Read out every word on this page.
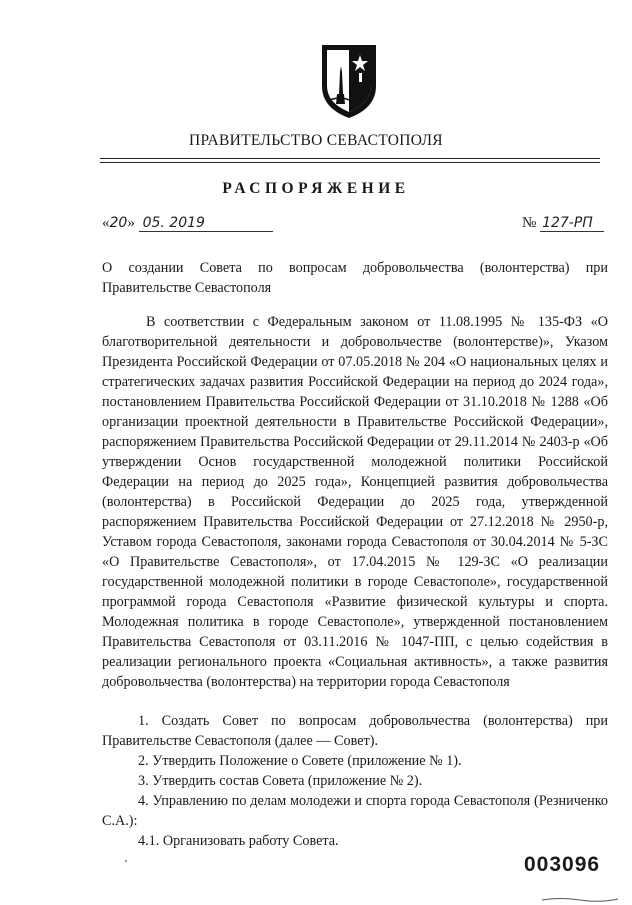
ПРАВИТЕЛЬСТВО СЕВАСТОПОЛЯ
РАСПОРЯЖЕНИЕ
«20» 05. 2019	№ 127-РП
О создании Совета по вопросам добровольчества (волонтерства) при Правительстве Севастополя
В соответствии с Федеральным законом от 11.08.1995 № 135-ФЗ «О благотворительной деятельности и добровольчестве (волонтерстве)», Указом Президента Российской Федерации от 07.05.2018 № 204 «О национальных целях и стратегических задачах развития Российской Федерации на период до 2024 года», постановлением Правительства Российской Федерации от 31.10.2018 № 1288 «Об организации проектной деятельности в Правительстве Российской Федерации», распоряжением Правительства Российской Федерации от 29.11.2014 № 2403-р «Об утверждении Основ государственной молодежной политики Российской Федерации на период до 2025 года», Концепцией развития добровольчества (волонтерства) в Российской Федерации до 2025 года, утвержденной распоряжением Правительства Российской Федерации от 27.12.2018 № 2950-р, Уставом города Севастополя, законами города Севастополя от 30.04.2014 № 5-ЗС «О Правительстве Севастополя», от 17.04.2015 № 129-ЗС «О реализации государственной молодежной политики в городе Севастополе», государственной программой города Севастополя «Развитие физической культуры и спорта. Молодежная политика в городе Севастополе», утвержденной постановлением Правительства Севастополя от 03.11.2016 № 1047-ПП, с целью содействия в реализации регионального проекта «Социальная активность», а также развития добровольчества (волонтерства) на территории города Севастополя

1. Создать Совет по вопросам добровольчества (волонтерства) при Правительстве Севастополя (далее — Совет).

2. Утвердить Положение о Совете (приложение № 1).

3. Утвердить состав Совета (приложение № 2).

4. Управлению по делам молодежи и спорта города Севастополя (Резниченко С.А.):

4.1. Организовать работу Совета.

003096
